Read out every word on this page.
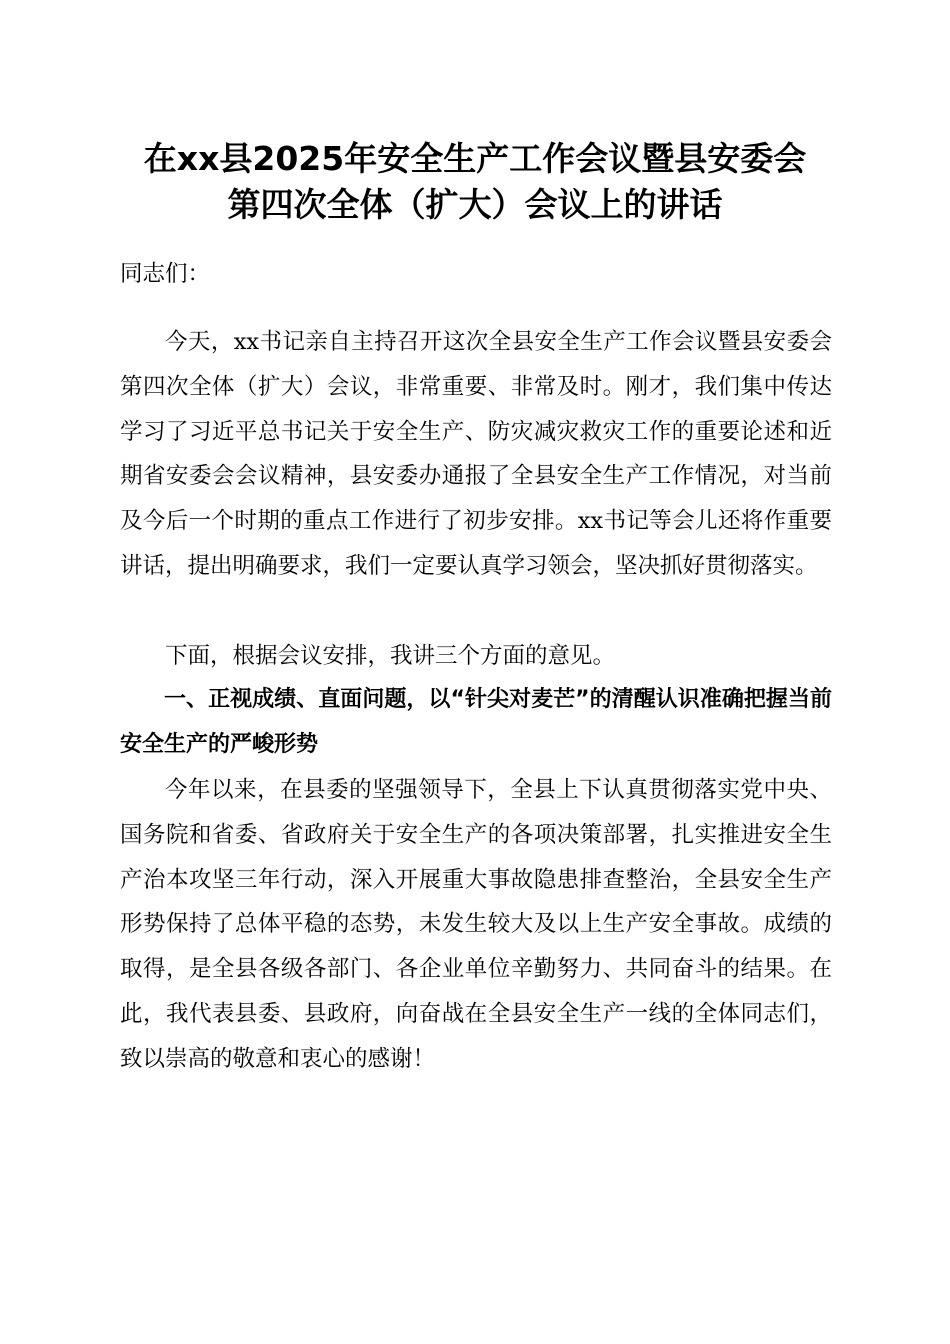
在xx县2025年安全生产工作会议暨县安委会
第四次全体（扩大）会议上的讲话

同志们：

今天，xx书记亲自主持召开这次全县安全生产工作会议暨县安委会第四次全体（扩大）会议，非常重要、非常及时。刚才，我们集中传达学习了习近平总书记关于安全生产、防灾减灾救灾工作的重要论述和近期省安委会会议精神，县安委办通报了全县安全生产工作情况，对当前及今后一个时期的重点工作进行了初步安排。xx书记等会儿还将作重要讲话，提出明确要求，我们一定要认真学习领会，坚决抓好贯彻落实。

下面，根据会议安排，我讲三个方面的意见。

一、正视成绩、直面问题，以“针尖对麦芒”的清醒认识准确把握当前安全生产的严峻形势

今年以来，在县委的坚强领导下，全县上下认真贯彻落实党中央、国务院和省委、省政府关于安全生产的各项决策部署，扎实推进安全生产治本攻坚三年行动，深入开展重大事故隐患排查整治，全县安全生产形势保持了总体平稳的态势，未发生较大及以上生产安全事故。成绩的取得，是全县各级各部门、各企业单位辛勤努力、共同奋斗的结果。在此，我代表县委、县政府，向奋战在全县安全生产一线的全体同志们，致以崇高的敬意和衷心的感谢！
